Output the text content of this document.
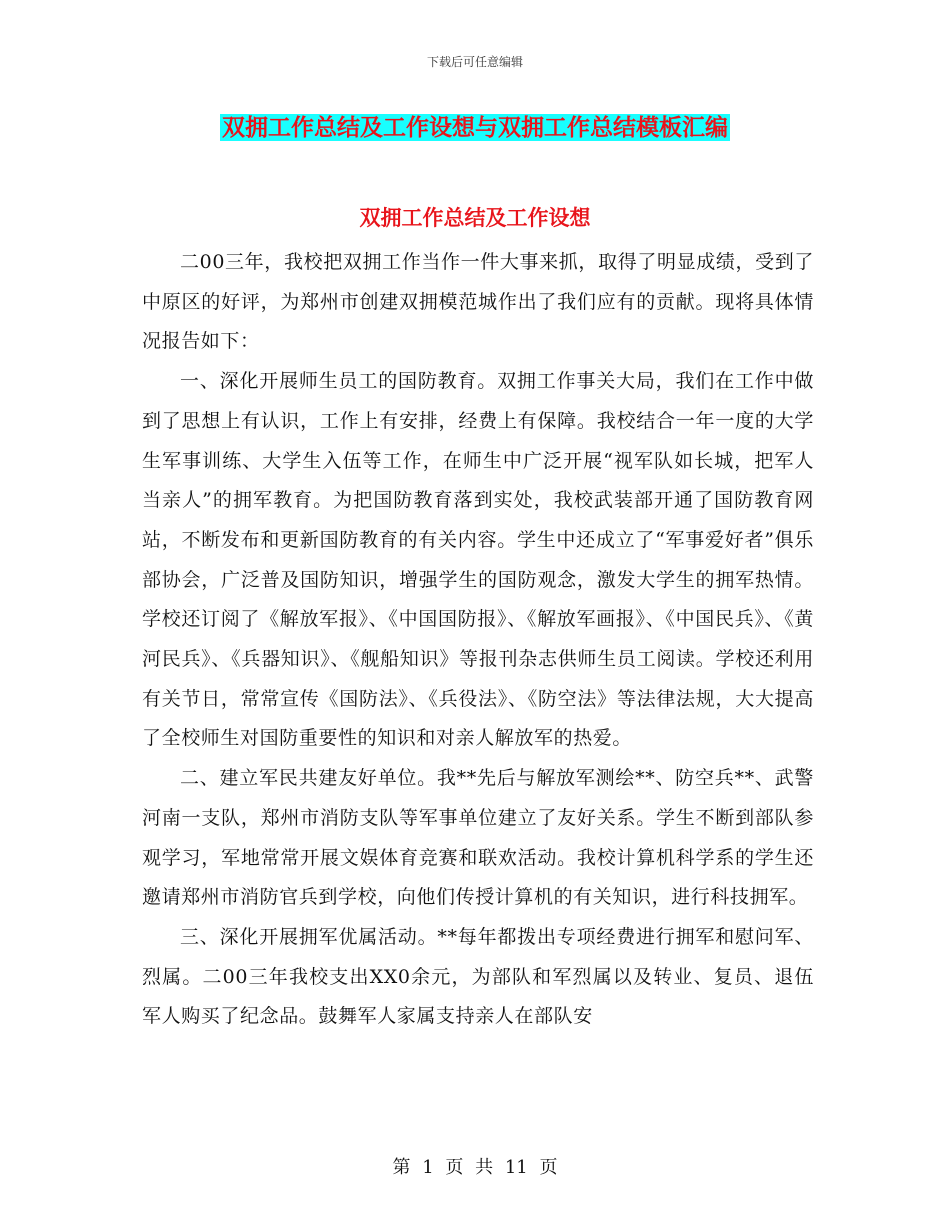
下载后可任意编辑
双拥工作总结及工作设想与双拥工作总结模板汇编
双拥工作总结及工作设想

二00三年，我校把双拥工作当作一件大事来抓，取得了明显成绩，受到了中原区的好评，为郑州市创建双拥模范城作出了我们应有的贡献。现将具体情况报告如下：

一、深化开展师生员工的国防教育。双拥工作事关大局，我们在工作中做到了思想上有认识，工作上有安排，经费上有保障。我校结合一年一度的大学生军事训练、大学生入伍等工作，在师生中广泛开展“视军队如长城，把军人当亲人”的拥军教育。为把国防教育落到实处，我校武装部开通了国防教育网站，不断发布和更新国防教育的有关内容。学生中还成立了“军事爱好者”俱乐部协会，广泛普及国防知识，增强学生的国防观念，激发大学生的拥军热情。学校还订阅了《解放军报》、《中国国防报》、《解放军画报》、《中国民兵》、《黄河民兵》、《兵器知识》、《舰船知识》等报刊杂志供师生员工阅读。学校还利用有关节日，常常宣传《国防法》、《兵役法》、《防空法》等法律法规，大大提高了全校师生对国防重要性的知识和对亲人解放军的热爱。

二、建立军民共建友好单位。我**先后与解放军测绘**、防空兵**、武警河南一支队，郑州市消防支队等军事单位建立了友好关系。学生不断到部队参观学习，军地常常开展文娱体育竞赛和联欢活动。我校计算机科学系的学生还邀请郑州市消防官兵到学校，向他们传授计算机的有关知识，进行科技拥军。

三、深化开展拥军优属活动。**每年都拨出专项经费进行拥军和慰问军、烈属。二00三年我校支出XX0余元，为部队和军烈属以及转业、复员、退伍军人购买了纪念品。鼓舞军人家属支持亲人在部队安

第 1 页 共 11 页
